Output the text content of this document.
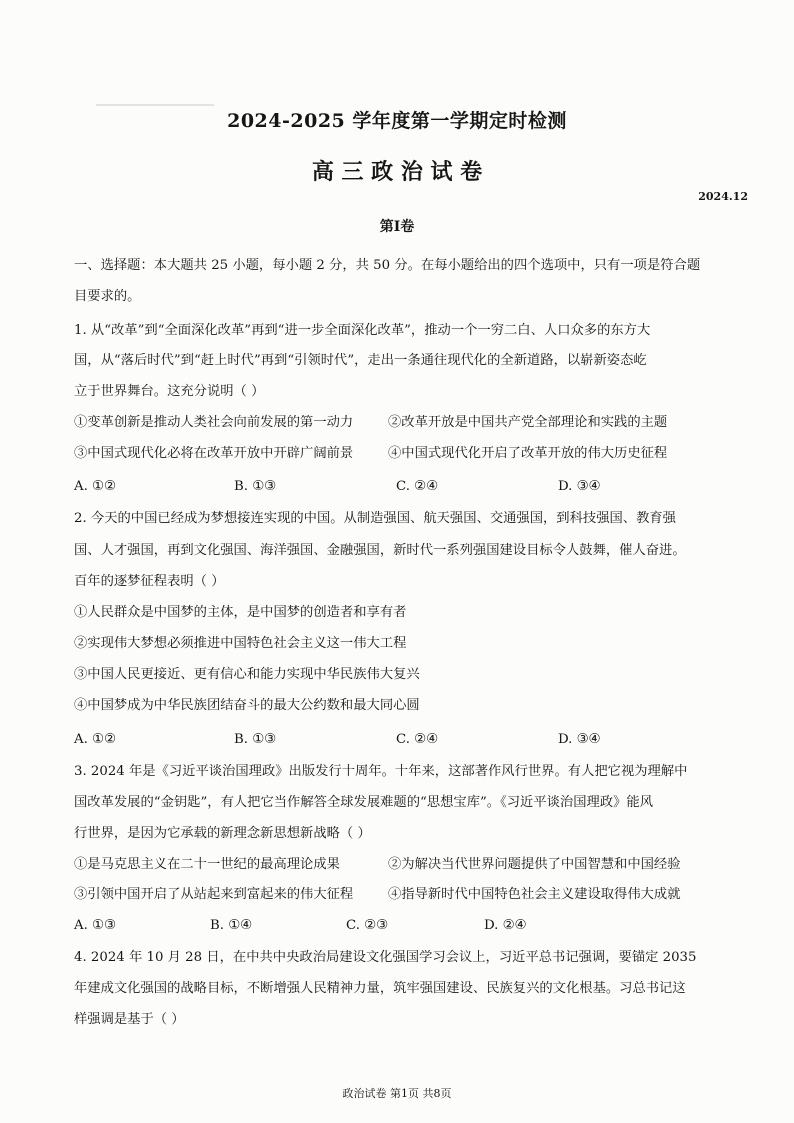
2024-2025 学年度第一学期定时检测
高 三 政 治 试 卷
2024.12
第Ⅰ卷
一、选择题：本大题共 25 小题，每小题 2 分，共 50 分。在每小题给出的四个选项中，只有一项是符合题
目要求的。
1. 从“改革”到“全面深化改革”再到“进一步全面深化改革”，推动一个一穷二白、人口众多的东方大
国，从“落后时代”到“赶上时代”再到“引领时代”，走出一条通往现代化的全新道路，以崭新姿态屹
立于世界舞台。这充分说明（ ）
①变革创新是推动人类社会向前发展的第一动力	②改革开放是中国共产党全部理论和实践的主题
③中国式现代化必将在改革开放中开辟广阔前景	④中国式现代化开启了改革开放的伟大历史征程
A. ①②	B. ①③	C. ②④	D. ③④
2. 今天的中国已经成为梦想接连实现的中国。从制造强国、航天强国、交通强国，到科技强国、教育强
国、人才强国，再到文化强国、海洋强国、金融强国，新时代一系列强国建设目标令人鼓舞，催人奋进。
百年的逐梦征程表明（ ）
①人民群众是中国梦的主体，是中国梦的创造者和享有者
②实现伟大梦想必须推进中国特色社会主义这一伟大工程
③中国人民更接近、更有信心和能力实现中华民族伟大复兴
④中国梦成为中华民族团结奋斗的最大公约数和最大同心圆
A. ①②	B. ①③	C. ②④	D. ③④
3. 2024 年是《习近平谈治国理政》出版发行十周年。十年来，这部著作风行世界。有人把它视为理解中
国改革发展的“金钥匙”，有人把它当作解答全球发展难题的“思想宝库”。《习近平谈治国理政》能风
行世界，是因为它承载的新理念新思想新战略（ ）
①是马克思主义在二十一世纪的最高理论成果	②为解决当代世界问题提供了中国智慧和中国经验
③引领中国开启了从站起来到富起来的伟大征程	④指导新时代中国特色社会主义建设取得伟大成就
A. ①③	B. ①④	C. ②③	D. ②④
4. 2024 年 10 月 28 日，在中共中央政治局建设文化强国学习会议上，习近平总书记强调，要锚定 2035
年建成文化强国的战略目标，不断增强人民精神力量，筑牢强国建设、民族复兴的文化根基。习总书记这
样强调是基于（ ）
政治试卷 第1页 共8页
